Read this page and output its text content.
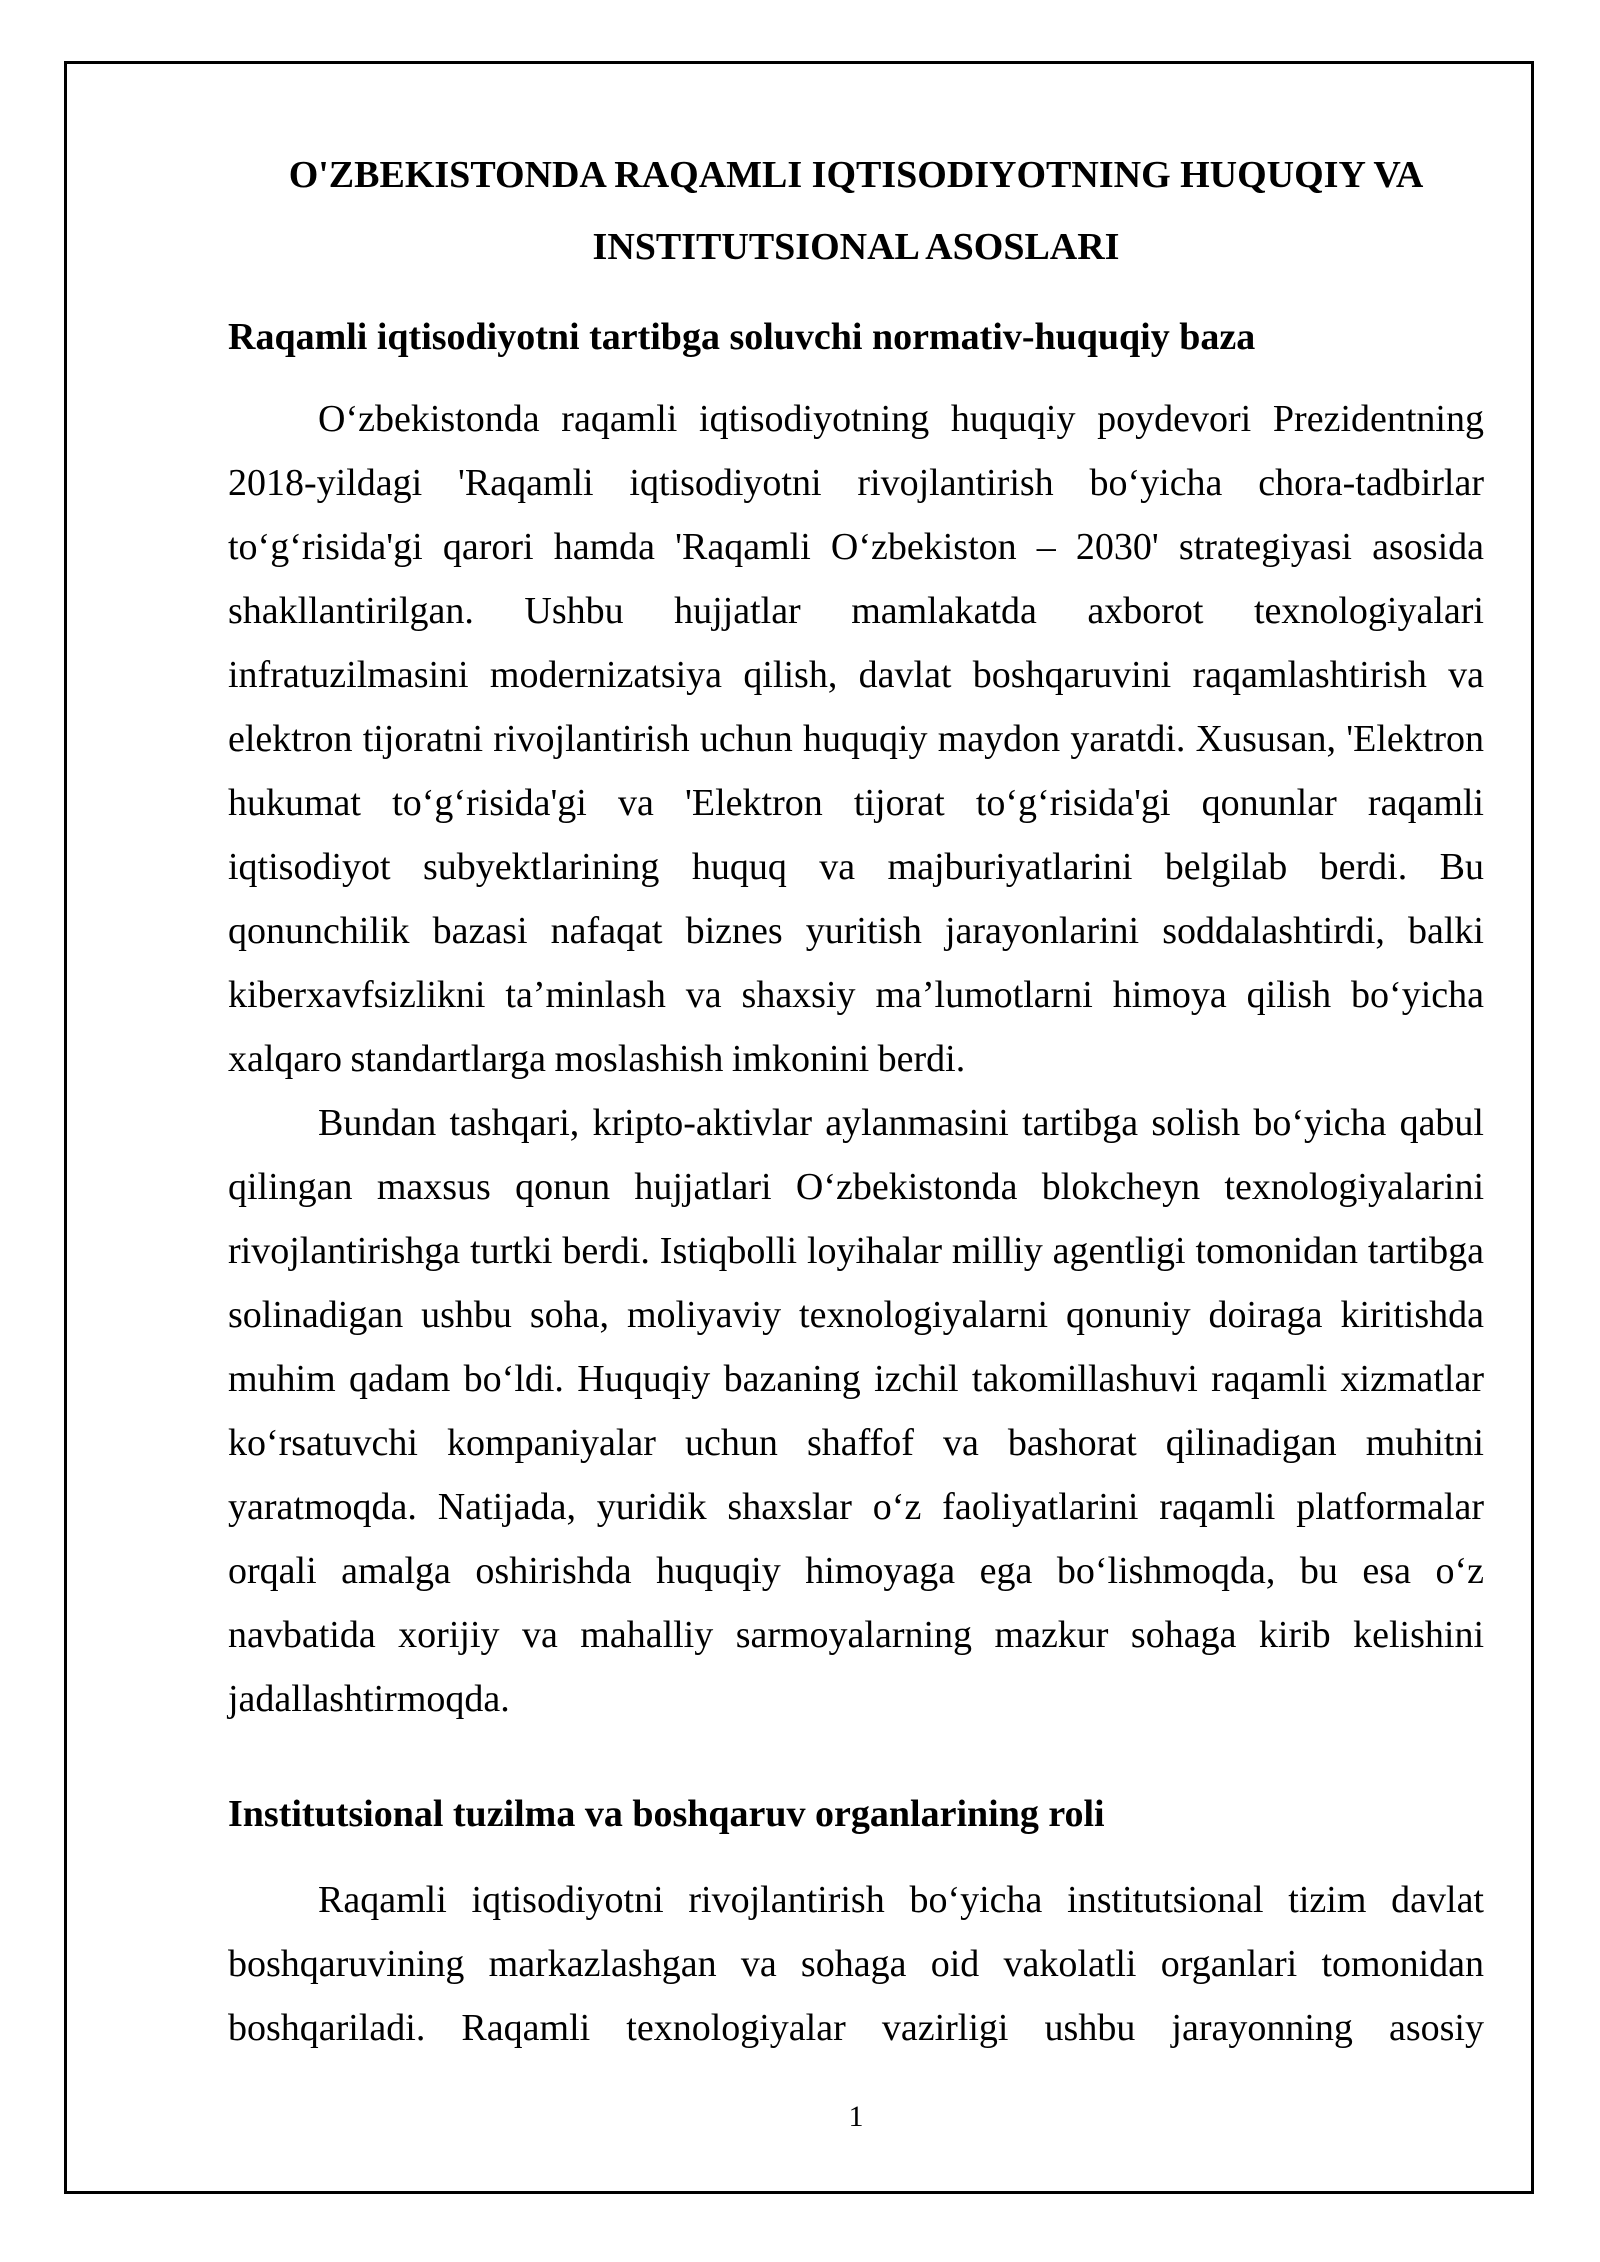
O'ZBEKISTONDA RAQAMLI IQTISODIYOTNING HUQUQIY VA INSTITUTSIONAL ASOSLARI
Raqamli iqtisodiyotni tartibga soluvchi normativ-huquqiy baza

O‘zbekistonda raqamli iqtisodiyotning huquqiy poydevori Prezidentning 2018-yildagi 'Raqamli iqtisodiyotni rivojlantirish bo‘yicha chora-tadbirlar to‘g‘risida'gi qarori hamda 'Raqamli O‘zbekiston – 2030' strategiyasi asosida shakllantirilgan. Ushbu hujjatlar mamlakatda axborot texnologiyalari infratuzilmasini modernizatsiya qilish, davlat boshqaruvini raqamlashtirish va elektron tijoratni rivojlantirish uchun huquqiy maydon yaratdi. Xususan, 'Elektron hukumat to‘g‘risida'gi va 'Elektron tijorat to‘g‘risida'gi qonunlar raqamli iqtisodiyot subyektlarining huquq va majburiyatlarini belgilab berdi. Bu qonunchilik bazasi nafaqat biznes yuritish jarayonlarini soddalashtirdi, balki kiberxavfsizlikni ta’minlash va shaxsiy ma’lumotlarni himoya qilish bo‘yicha xalqaro standartlarga moslashish imkonini berdi.

Bundan tashqari, kripto-aktivlar aylanmasini tartibga solish bo‘yicha qabul qilingan maxsus qonun hujjatlari O‘zbekistonda blokcheyn texnologiyalarini rivojlantirishga turtki berdi. Istiqbolli loyihalar milliy agentligi tomonidan tartibga solinadigan ushbu soha, moliyaviy texnologiyalarni qonuniy doiraga kiritishda muhim qadam bo‘ldi. Huquqiy bazaning izchil takomillashuvi raqamli xizmatlar ko‘rsatuvchi kompaniyalar uchun shaffof va bashorat qilinadigan muhitni yaratmoqda. Natijada, yuridik shaxslar o‘z faoliyatlarini raqamli platformalar orqali amalga oshirishda huquqiy himoyaga ega bo‘lishmoqda, bu esa o‘z navbatida xorijiy va mahalliy sarmoyalarning mazkur sohaga kirib kelishini jadallashtirmoqda.

Institutsional tuzilma va boshqaruv organlarining roli

Raqamli iqtisodiyotni rivojlantirish bo‘yicha institutsional tizim davlat boshqaruvining markazlashgan va sohaga oid vakolatli organlari tomonidan boshqariladi. Raqamli texnologiyalar vazirligi ushbu jarayonning asosiy

1
